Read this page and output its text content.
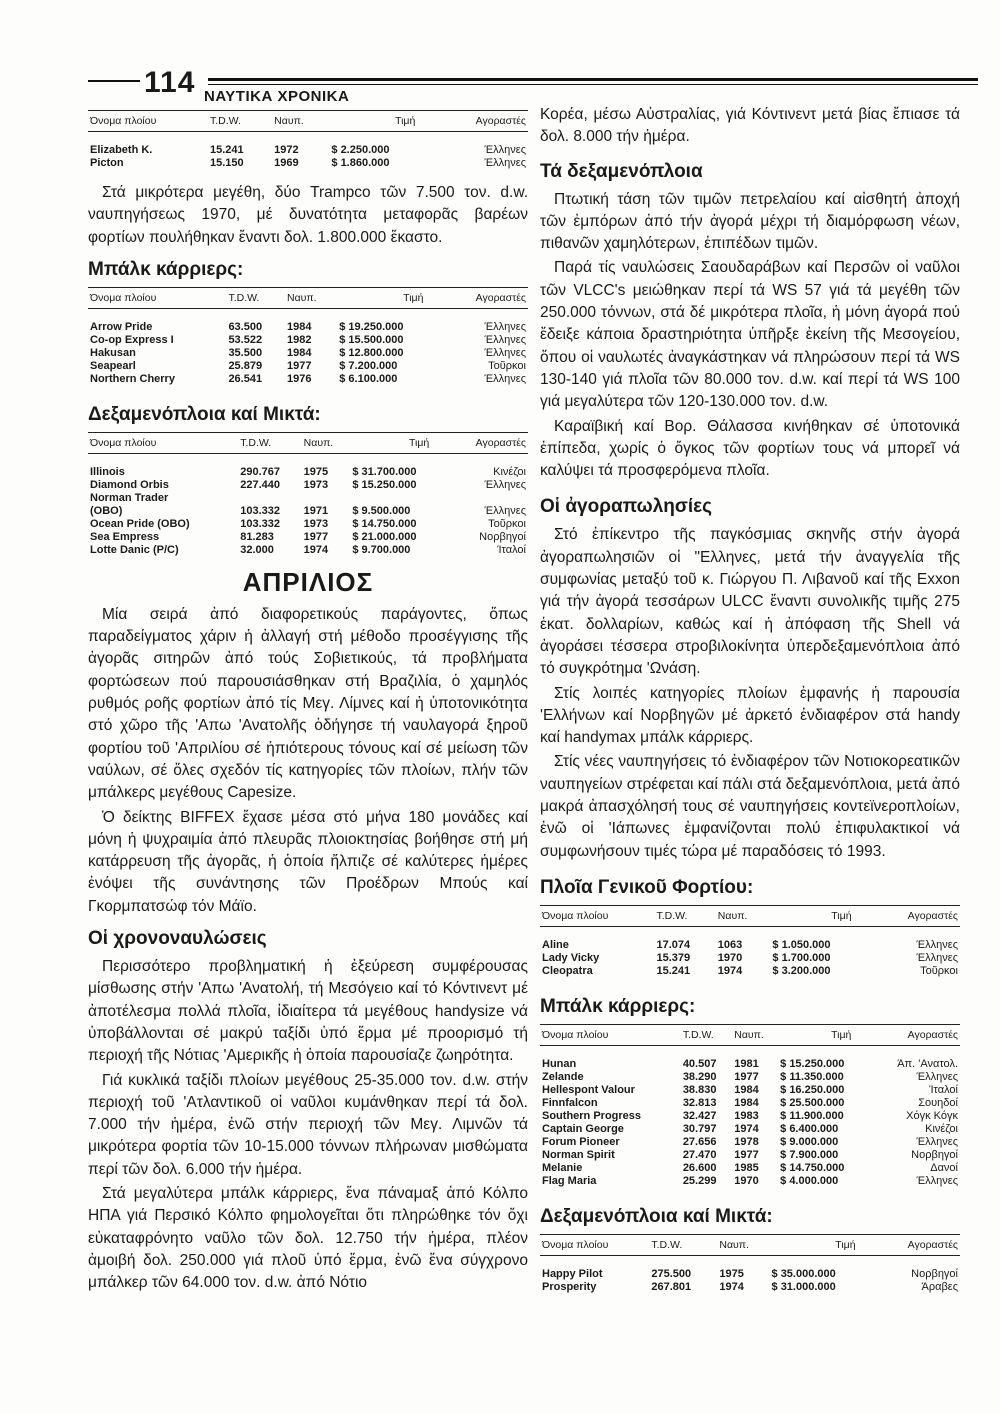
114 ΝΑΥΤΙΚΑ ΧΡΟΝΙΚΑ
Όνομα πλοίου	T.D.W.	Ναυπ.	Τιμή	Αγοραστές

Elizabeth K.	15.241	1972	$ 2.250.000	Έλληνες
Picton	15.150	1969	$ 1.860.000	Έλληνες

Στά μικρότερα μεγέθη, δύο Trampco τῶν 7.500 τον. d.w. ναυπηγήσεως 1970, μέ δυνατότητα μεταφορᾶς βαρέων φορτίων πουλήθηκαν ἔναντι δολ. 1.800.000 ἕκαστο.

Μπάλκ κάρριερς:
Όνομα πλοίου	T.D.W.	Ναυπ.	Τιμή	Αγοραστές

Arrow Pride	63.500	1984	$ 19.250.000	Έλληνες
Co-op Express I	53.522	1982	$ 15.500.000	Έλληνες
Hakusan	35.500	1984	$ 12.800.000	Έλληνες
Seapearl	25.879	1977	$ 7.200.000	Τοῦρκοι
Northern Cherry	26.541	1976	$ 6.100.000	Έλληνες

Δεξαμενόπλοια καί Μικτά:
Όνομα πλοίου	T.D.W.	Ναυπ.	Τιμή	Αγοραστές

Illinois	290.767	1975	$ 31.700.000	Κινέζοι
Diamond Orbis	227.440	1973	$ 15.250.000	Έλληνες
Norman Trader				
(OBO)	103.332	1971	$ 9.500.000	Έλληνες
Ocean Pride (OBO)	103.332	1973	$ 14.750.000	Τοῦρκοι
Sea Empress	81.283	1977	$ 21.000.000	Νορβηγοί
Lotte Danic (P/C)	32.000	1974	$ 9.700.000	Ίταλοί

ΑΠΡΙΛΙΟΣ

Μία σειρά ἀπό διαφορετικούς παράγοντες, ὅπως παραδείγματος χάριν ἡ ἀλλαγή στή μέθοδο προσέγγισης τῆς ἀγορᾶς σιτηρῶν ἀπό τούς Σοβιετικούς, τά προβλήματα φορτώσεων πού παρουσιάσθηκαν στή Βραζιλία, ὁ χαμηλός ρυθμός ροῆς φορτίων ἀπό τίς Μεγ. Λίμνες καί ἡ ὑποτονικότητα στό χῶρο τῆς 'Απω 'Ανατολῆς ὁδήγησε τή ναυλαγορά ξηροῦ φορτίου τοῦ 'Απριλίου σέ ἠπιότερους τόνους καί σέ μείωση τῶν ναύλων, σέ ὅλες σχεδόν τίς κατηγορίες τῶν πλοίων, πλήν τῶν μπάλκερς μεγέθους Capesize.

Ὁ δείκτης BIFFEX ἔχασε μέσα στό μήνα 180 μονάδες καί μόνη ἡ ψυχραιμία ἀπό πλευρᾶς πλοιοκτησίας βοήθησε στή μή κατάρρευση τῆς ἀγορᾶς, ἡ ὁποία ἤλπιζε σέ καλύτερες ἡμέρες ἐνόψει τῆς συνάντησης τῶν Προέδρων Μπούς καί Γκορμπατσώφ τόν Μάϊο.

Οἱ χρονοναυλώσεις

Περισσότερο προβληματική ἡ ἐξεύρεση συμφέρουσας μίσθωσης στήν 'Απω 'Ανατολή, τή Μεσόγειο καί τό Κόντινεντ μέ ἀποτέλεσμα πολλά πλοῖα, ἰδιαίτερα τά μεγέθους handysize νά ὑποβάλλονται σέ μακρύ ταξίδι ὑπό ἕρμα μέ προορισμό τή περιοχή τῆς Νότιας 'Αμερικῆς ἡ ὁποία παρουσίαζε ζωηρότητα.

Γιά κυκλικά ταξίδι πλοίων μεγέθους 25-35.000 τον. d.w. στήν περιοχή τοῦ 'Ατλαντικοῦ οἱ ναῦλοι κυμάνθηκαν περί τά δολ. 7.000 τήν ἡμέρα, ἐνῶ στήν περιοχή τῶν Μεγ. Λιμνῶν τά μικρότερα φορτία τῶν 10-15.000 τόννων πλήρωναν μισθώματα περί τῶν δολ. 6.000 τήν ἡμέρα.

Στά μεγαλύτερα μπάλκ κάρριερς, ἕνα πάναμαξ ἀπό Κόλπο ΗΠΑ γιά Περσικό Κόλπο φημολογεῖται ὅτι πληρώθηκε τόν ὄχι εὐκαταφρόνητο ναῦλο τῶν δολ. 12.750 τήν ἡμέρα, πλέον ἀμοιβή δολ. 250.000 γιά πλοῦ ὑπό ἕρμα, ἐνῶ ἕνα σύγχρονο μπάλκερ τῶν 64.000 τον. d.w. ἀπό Νότιο

Κορέα, μέσω Αὐστραλίας, γιά Κόντινεντ μετά βίας ἔπιασε τά δολ. 8.000 τήν ἡμέρα.

Τά δεξαμενόπλοια

Πτωτική τάση τῶν τιμῶν πετρελαίου καί αἰσθητή ἀποχή τῶν ἐμπόρων ἀπό τήν ἀγορά μέχρι τή διαμόρφωση νέων, πιθανῶν χαμηλότερων, ἐπιπέδων τιμῶν.

Παρά τίς ναυλώσεις Σαουδαράβων καί Περσῶν οἱ ναῦλοι τῶν VLCC's μειώθηκαν περί τά WS 57 γιά τά μεγέθη τῶν 250.000 τόννων, στά δέ μικρότερα πλοῖα, ἡ μόνη ἀγορά πού ἔδειξε κάποια δραστηριότητα ὑπῆρξε ἐκείνη τῆς Μεσογείου, ὅπου οἱ ναυλωτές ἀναγκάστηκαν νά πληρώσουν περί τά WS 130-140 γιά πλοῖα τῶν 80.000 τον. d.w. καί περί τά WS 100 γιά μεγαλύτερα τῶν 120-130.000 τον. d.w.

Καραϊβική καί Βορ. Θάλασσα κινήθηκαν σέ ὑποτονικά ἐπίπεδα, χωρίς ὁ ὄγκος τῶν φορτίων τους νά μπορεῖ νά καλύψει τά προσφερόμενα πλοῖα.

Οἱ ἀγοραπωλησίες

Στό ἐπίκεντρο τῆς παγκόσμιας σκηνῆς στήν ἀγορά ἀγοραπωλησιῶν οἱ "Ελληνες, μετά τήν ἀναγγελία τῆς συμφωνίας μεταξύ τοῦ κ. Γιώργου Π. Λιβανοῦ καί τῆς Exxon γιά τήν ἀγορά τεσσάρων ULCC ἔναντι συνολικῆς τιμῆς 275 ἑκατ. δολλαρίων, καθώς καί ἡ ἀπόφαση τῆς Shell νά ἀγοράσει τέσσερα στροβιλοκίνητα ὑπερδεξαμενόπλοια ἀπό τό συγκρότημα 'Ωνάση.

Στίς λοιπές κατηγορίες πλοίων ἐμφανής ἡ παρουσία 'Ελλήνων καί Νορβηγῶν μέ ἀρκετό ἐνδιαφέρον στά handy καί handymax μπάλκ κάρριερς.

Στίς νέες ναυπηγήσεις τό ἐνδιαφέρον τῶν Νοτιοκορεατικῶν ναυπηγείων στρέφεται καί πάλι στά δεξαμενόπλοια, μετά ἀπό μακρά ἀπασχόλησή τους σέ ναυπηγήσεις κοντεϊνεροπλοίων, ἐνῶ οἱ 'Ιάπωνες ἐμφανίζονται πολύ ἐπιφυλακτικοί νά συμφωνήσουν τιμές τώρα μέ παραδόσεις τό 1993.

Πλοῖα Γενικοῦ Φορτίου:
Όνομα πλοίου	T.D.W.	Ναυπ.	Τιμή	Αγοραστές

Aline	17.074	1063	$ 1.050.000	Έλληνες
Lady Vicky	15.379	1970	$ 1.700.000	Έλληνες
Cleopatra	15.241	1974	$ 3.200.000	Τοῦρκοι

Μπάλκ κάρριερς:
Όνομα πλοίου	T.D.W.	Ναυπ.	Τιμή	Αγοραστές

Hunan	40.507	1981	$ 15.250.000	Άπ. 'Ανατολ.
Zelande	38.290	1977	$ 11.350.000	Έλληνες
Hellespont Valour	38.830	1984	$ 16.250.000	Ίταλοί
Finnfalcon	32.813	1984	$ 25.500.000	Σουηδοί
Southern Progress	32.427	1983	$ 11.900.000	Χόγκ Κόγκ
Captain George	30.797	1974	$ 6.400.000	Κινέζοι
Forum Pioneer	27.656	1978	$ 9.000.000	Έλληνες
Norman Spirit	27.470	1977	$ 7.900.000	Νορβηγοί
Melanie	26.600	1985	$ 14.750.000	Δανοί
Flag Maria	25.299	1970	$ 4.000.000	Έλληνες

Δεξαμενόπλοια καί Μικτά:
Όνομα πλοίου	T.D.W.	Ναυπ.	Τιμή	Αγοραστές

Happy Pilot	275.500	1975	$ 35.000.000	Νορβηγοί
Prosperity	267.801	1974	$ 31.000.000	Άραβες
